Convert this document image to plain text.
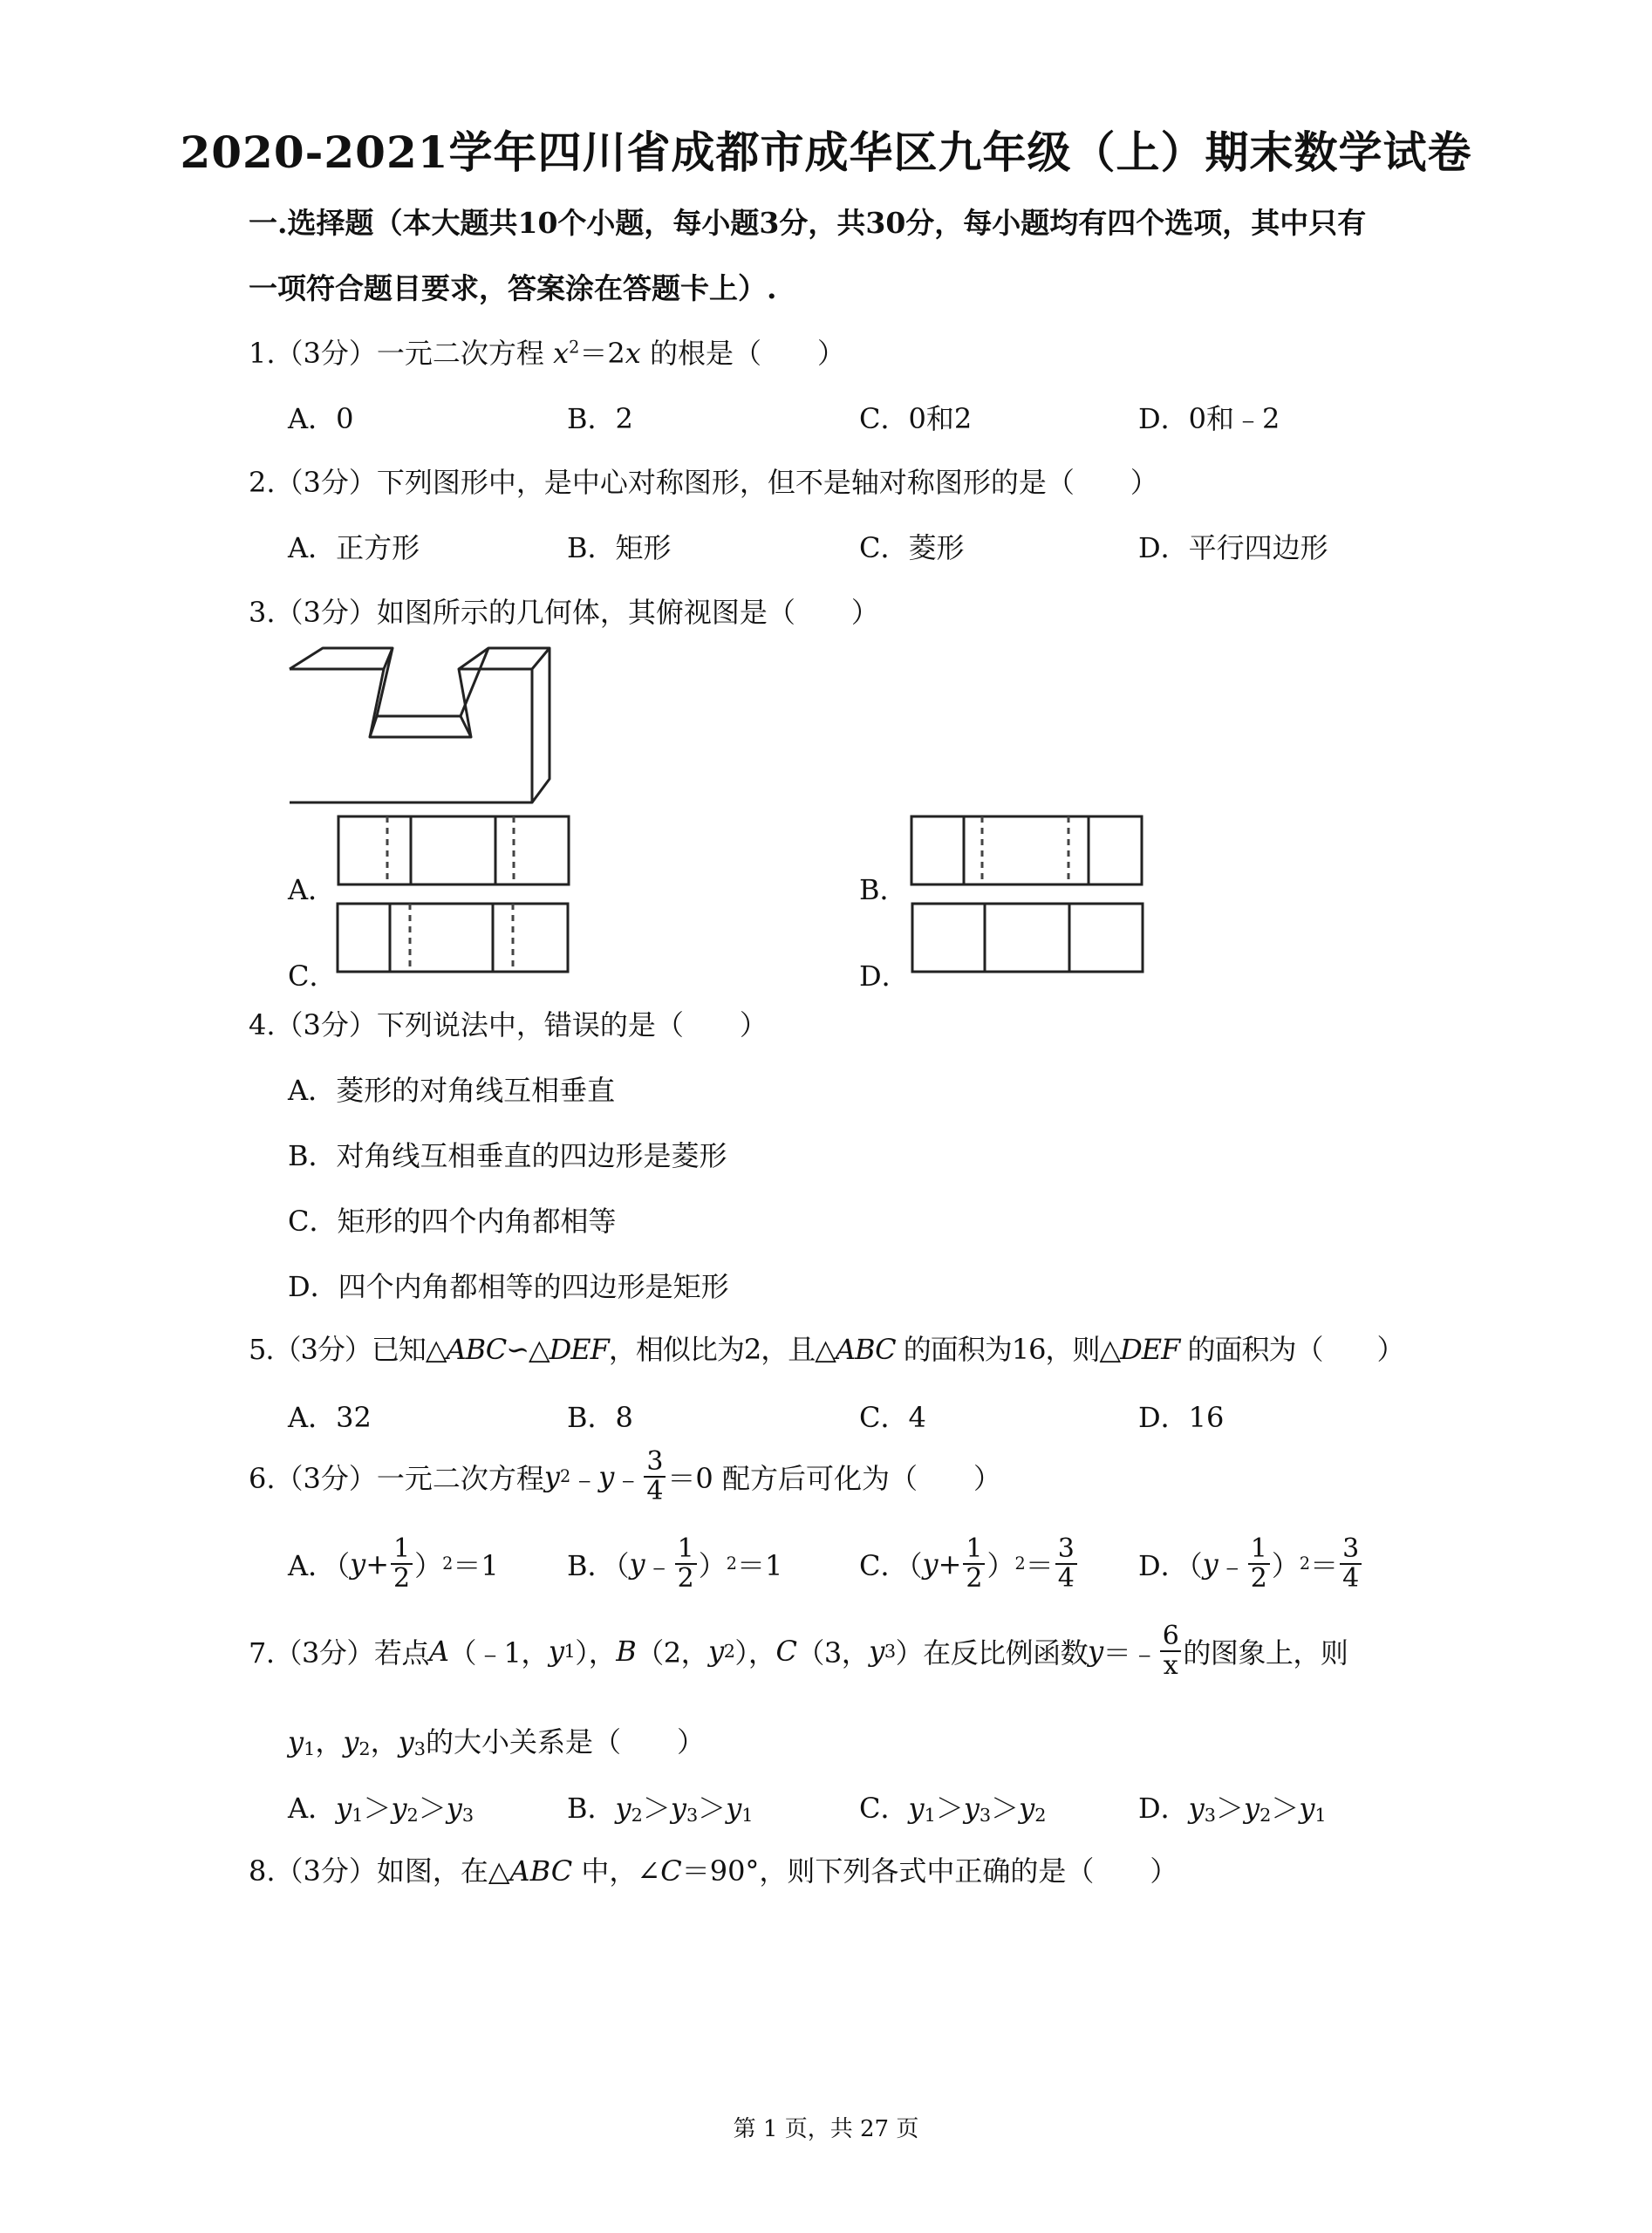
2020-2021学年四川省成都市成华区九年级（上）期末数学试卷
一.选择题（本大题共10个小题，每小题3分，共30分，每小题均有四个选项，其中只有
一项符合题目要求，答案涂在答题卡上）.
1.（3分）一元二次方程 $x^2=2x$ 的根是（　　）
A．0	B．2	C．0和2	D．0和﹣2
2.（3分）下列图形中，是中心对称图形，但不是轴对称图形的是（　　）
A．正方形	B．矩形	C．菱形	D．平行四边形
3.（3分）如图所示的几何体，其俯视图是（　　）
A．	B．
C．	D．
4.（3分）下列说法中，错误的是（　　）
A．菱形的对角线互相垂直
B．对角线互相垂直的四边形是菱形
C．矩形的四个内角都相等
D．四个内角都相等的四边形是矩形
5.（3分）已知△ABC∽△DEF，相似比为2，且△ABC 的面积为16，则△DEF 的面积为（　　）
A．32	B．8	C．4	D．16
6.（3分）一元二次方程 y 2 ﹣ y ﹣ $\frac{3}{4} =0$ 配方后可化为（　　）
A．（ $y + \frac{1}{2}$ ） 2 ＝1 B．（ y ﹣ $\frac{1}{2}$ ） 2 ＝1	C．（ $y + \frac{1}{2}$ ） $2 = \frac{3}{4}$ D．（ y ﹣ $\frac{1}{2}$ ） $2 = \frac{3}{4}$
7.（3分）若点 A （﹣1， y 1 ）， B （2， y 2 ）， C （3， y 3 ）在反比例函数 y ＝﹣ $\frac{6}{x}$ 的图象上，则
$y_1$，$y_2$，$y_3$的大小关系是（　　）
A．$y_1>y_2>y_3$	B．$y_2>y_3>y_1$	C．$y_1>y_3>y_2$	D．$y_3>y_2>y_1$
8.（3分）如图，在△ABC 中，∠C＝90°，则下列各式中正确的是（　　）
第 1 页，共 27 页
